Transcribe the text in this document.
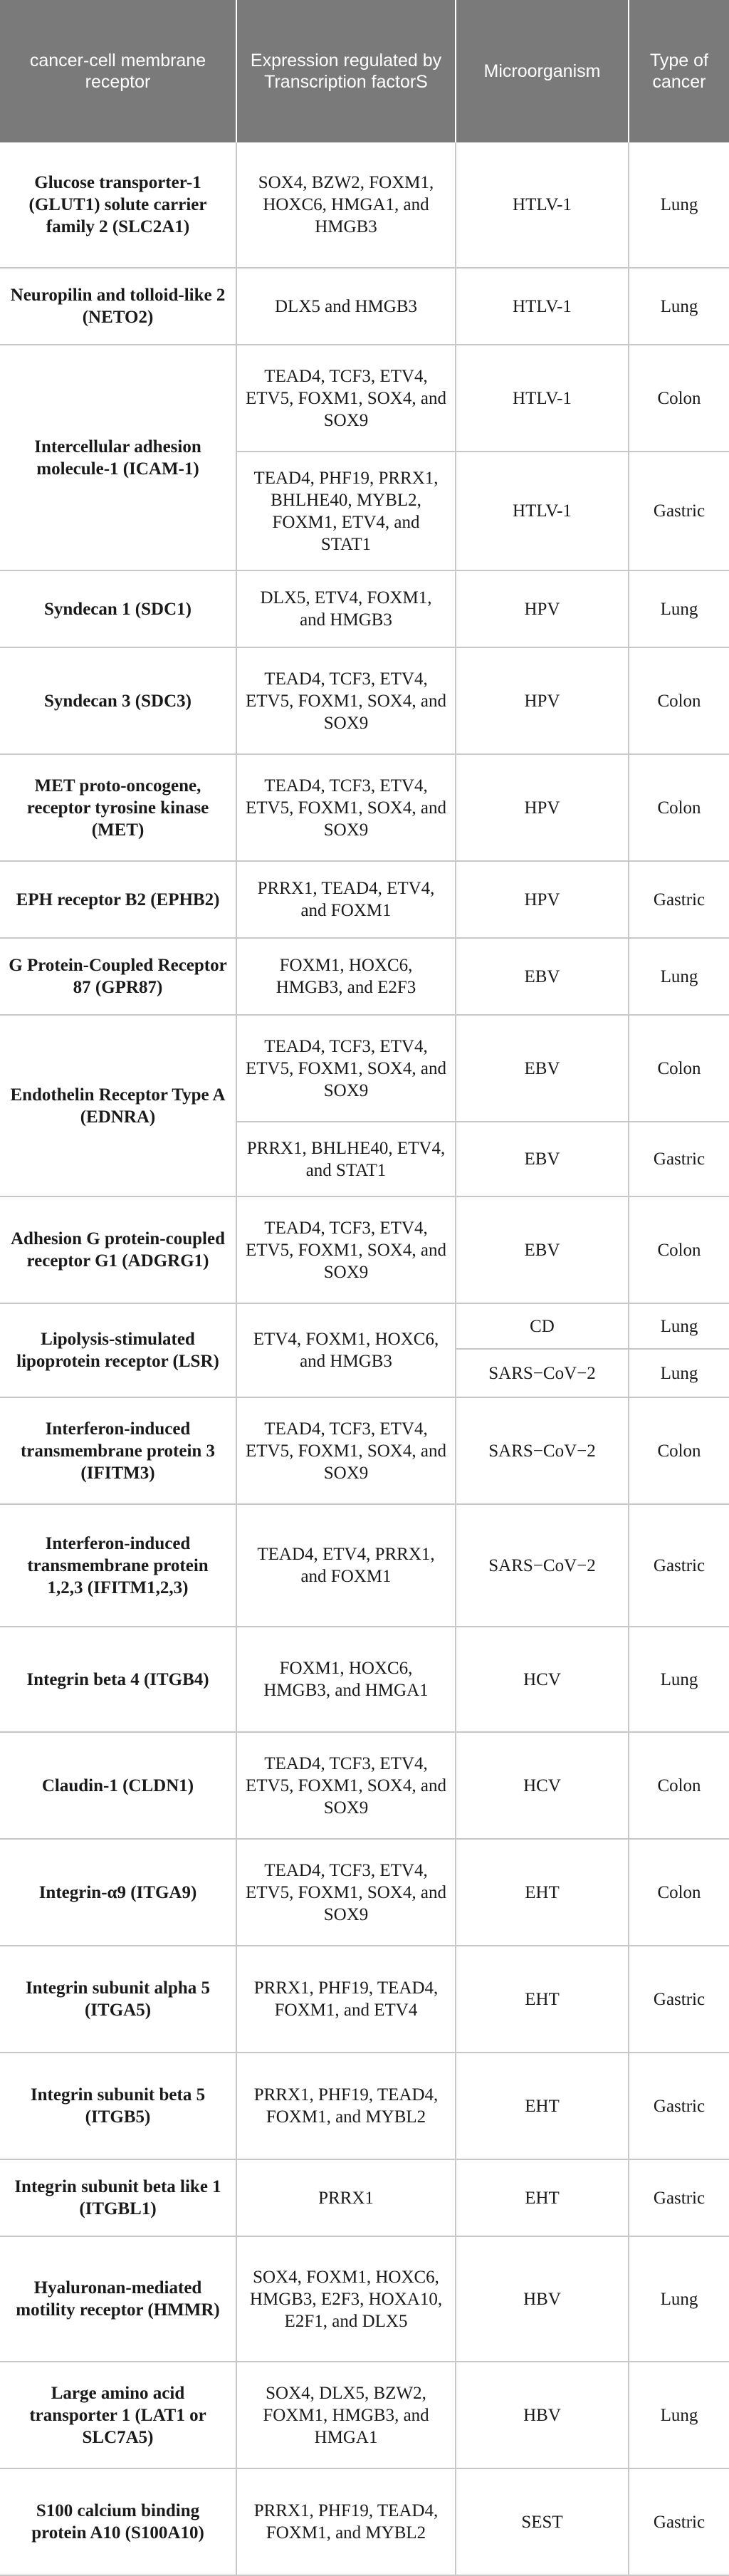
cancer-cell membrane receptor	Expression regulated by Transcription factorS	Microorganism	Type of cancer
Glucose transporter-1 (GLUT1) solute carrier family 2 (SLC2A1)	SOX4, BZW2, FOXM1, HOXC6, HMGA1, and HMGB3	HTLV-1	Lung
Neuropilin and tolloid-like 2 (NETO2)	DLX5 and HMGB3	HTLV-1	Lung
Intercellular adhesion molecule-1 (ICAM-1)	TEAD4, TCF3, ETV4, ETV5, FOXM1, SOX4, and SOX9	HTLV-1	Colon
	TEAD4, PHF19, PRRX1, BHLHE40, MYBL2, FOXM1, ETV4, and STAT1	HTLV-1	Gastric
Syndecan 1 (SDC1)	DLX5, ETV4, FOXM1, and HMGB3	HPV	Lung
Syndecan 3 (SDC3)	TEAD4, TCF3, ETV4, ETV5, FOXM1, SOX4, and SOX9	HPV	Colon
MET proto-oncogene, receptor tyrosine kinase (MET)	TEAD4, TCF3, ETV4, ETV5, FOXM1, SOX4, and SOX9	HPV	Colon
EPH receptor B2 (EPHB2)	PRRX1, TEAD4, ETV4, and FOXM1	HPV	Gastric
G Protein-Coupled Receptor 87 (GPR87)	FOXM1, HOXC6, HMGB3, and E2F3	EBV	Lung
Endothelin Receptor Type A (EDNRA)	TEAD4, TCF3, ETV4, ETV5, FOXM1, SOX4, and SOX9	EBV	Colon
	PRRX1, BHLHE40, ETV4, and STAT1	EBV	Gastric
Adhesion G protein-coupled receptor G1 (ADGRG1)	TEAD4, TCF3, ETV4, ETV5, FOXM1, SOX4, and SOX9	EBV	Colon
Lipolysis-stimulated lipoprotein receptor (LSR)	ETV4, FOXM1, HOXC6, and HMGB3	CD	Lung
		SARS−CoV−2	Lung
Interferon-induced transmembrane protein 3 (IFITM3)	TEAD4, TCF3, ETV4, ETV5, FOXM1, SOX4, and SOX9	SARS−CoV−2	Colon
Interferon-induced transmembrane protein 1,2,3 (IFITM1,2,3)	TEAD4, ETV4, PRRX1, and FOXM1	SARS−CoV−2	Gastric
Integrin beta 4 (ITGB4)	FOXM1, HOXC6, HMGB3, and HMGA1	HCV	Lung
Claudin-1 (CLDN1)	TEAD4, TCF3, ETV4, ETV5, FOXM1, SOX4, and SOX9	HCV	Colon
Integrin-α9 (ITGA9)	TEAD4, TCF3, ETV4, ETV5, FOXM1, SOX4, and SOX9	EHT	Colon
Integrin subunit alpha 5 (ITGA5)	PRRX1, PHF19, TEAD4, FOXM1, and ETV4	EHT	Gastric
Integrin subunit beta 5 (ITGB5)	PRRX1, PHF19, TEAD4, FOXM1, and MYBL2	EHT	Gastric
Integrin subunit beta like 1 (ITGBL1)	PRRX1	EHT	Gastric
Hyaluronan-mediated motility receptor (HMMR)	SOX4, FOXM1, HOXC6, HMGB3, E2F3, HOXA10, E2F1, and DLX5	HBV	Lung
Large amino acid transporter 1 (LAT1 or SLC7A5)	SOX4, DLX5, BZW2, FOXM1, HMGB3, and HMGA1	HBV	Lung
S100 calcium binding protein A10 (S100A10)	PRRX1, PHF19, TEAD4, FOXM1, and MYBL2	SEST	Gastric
